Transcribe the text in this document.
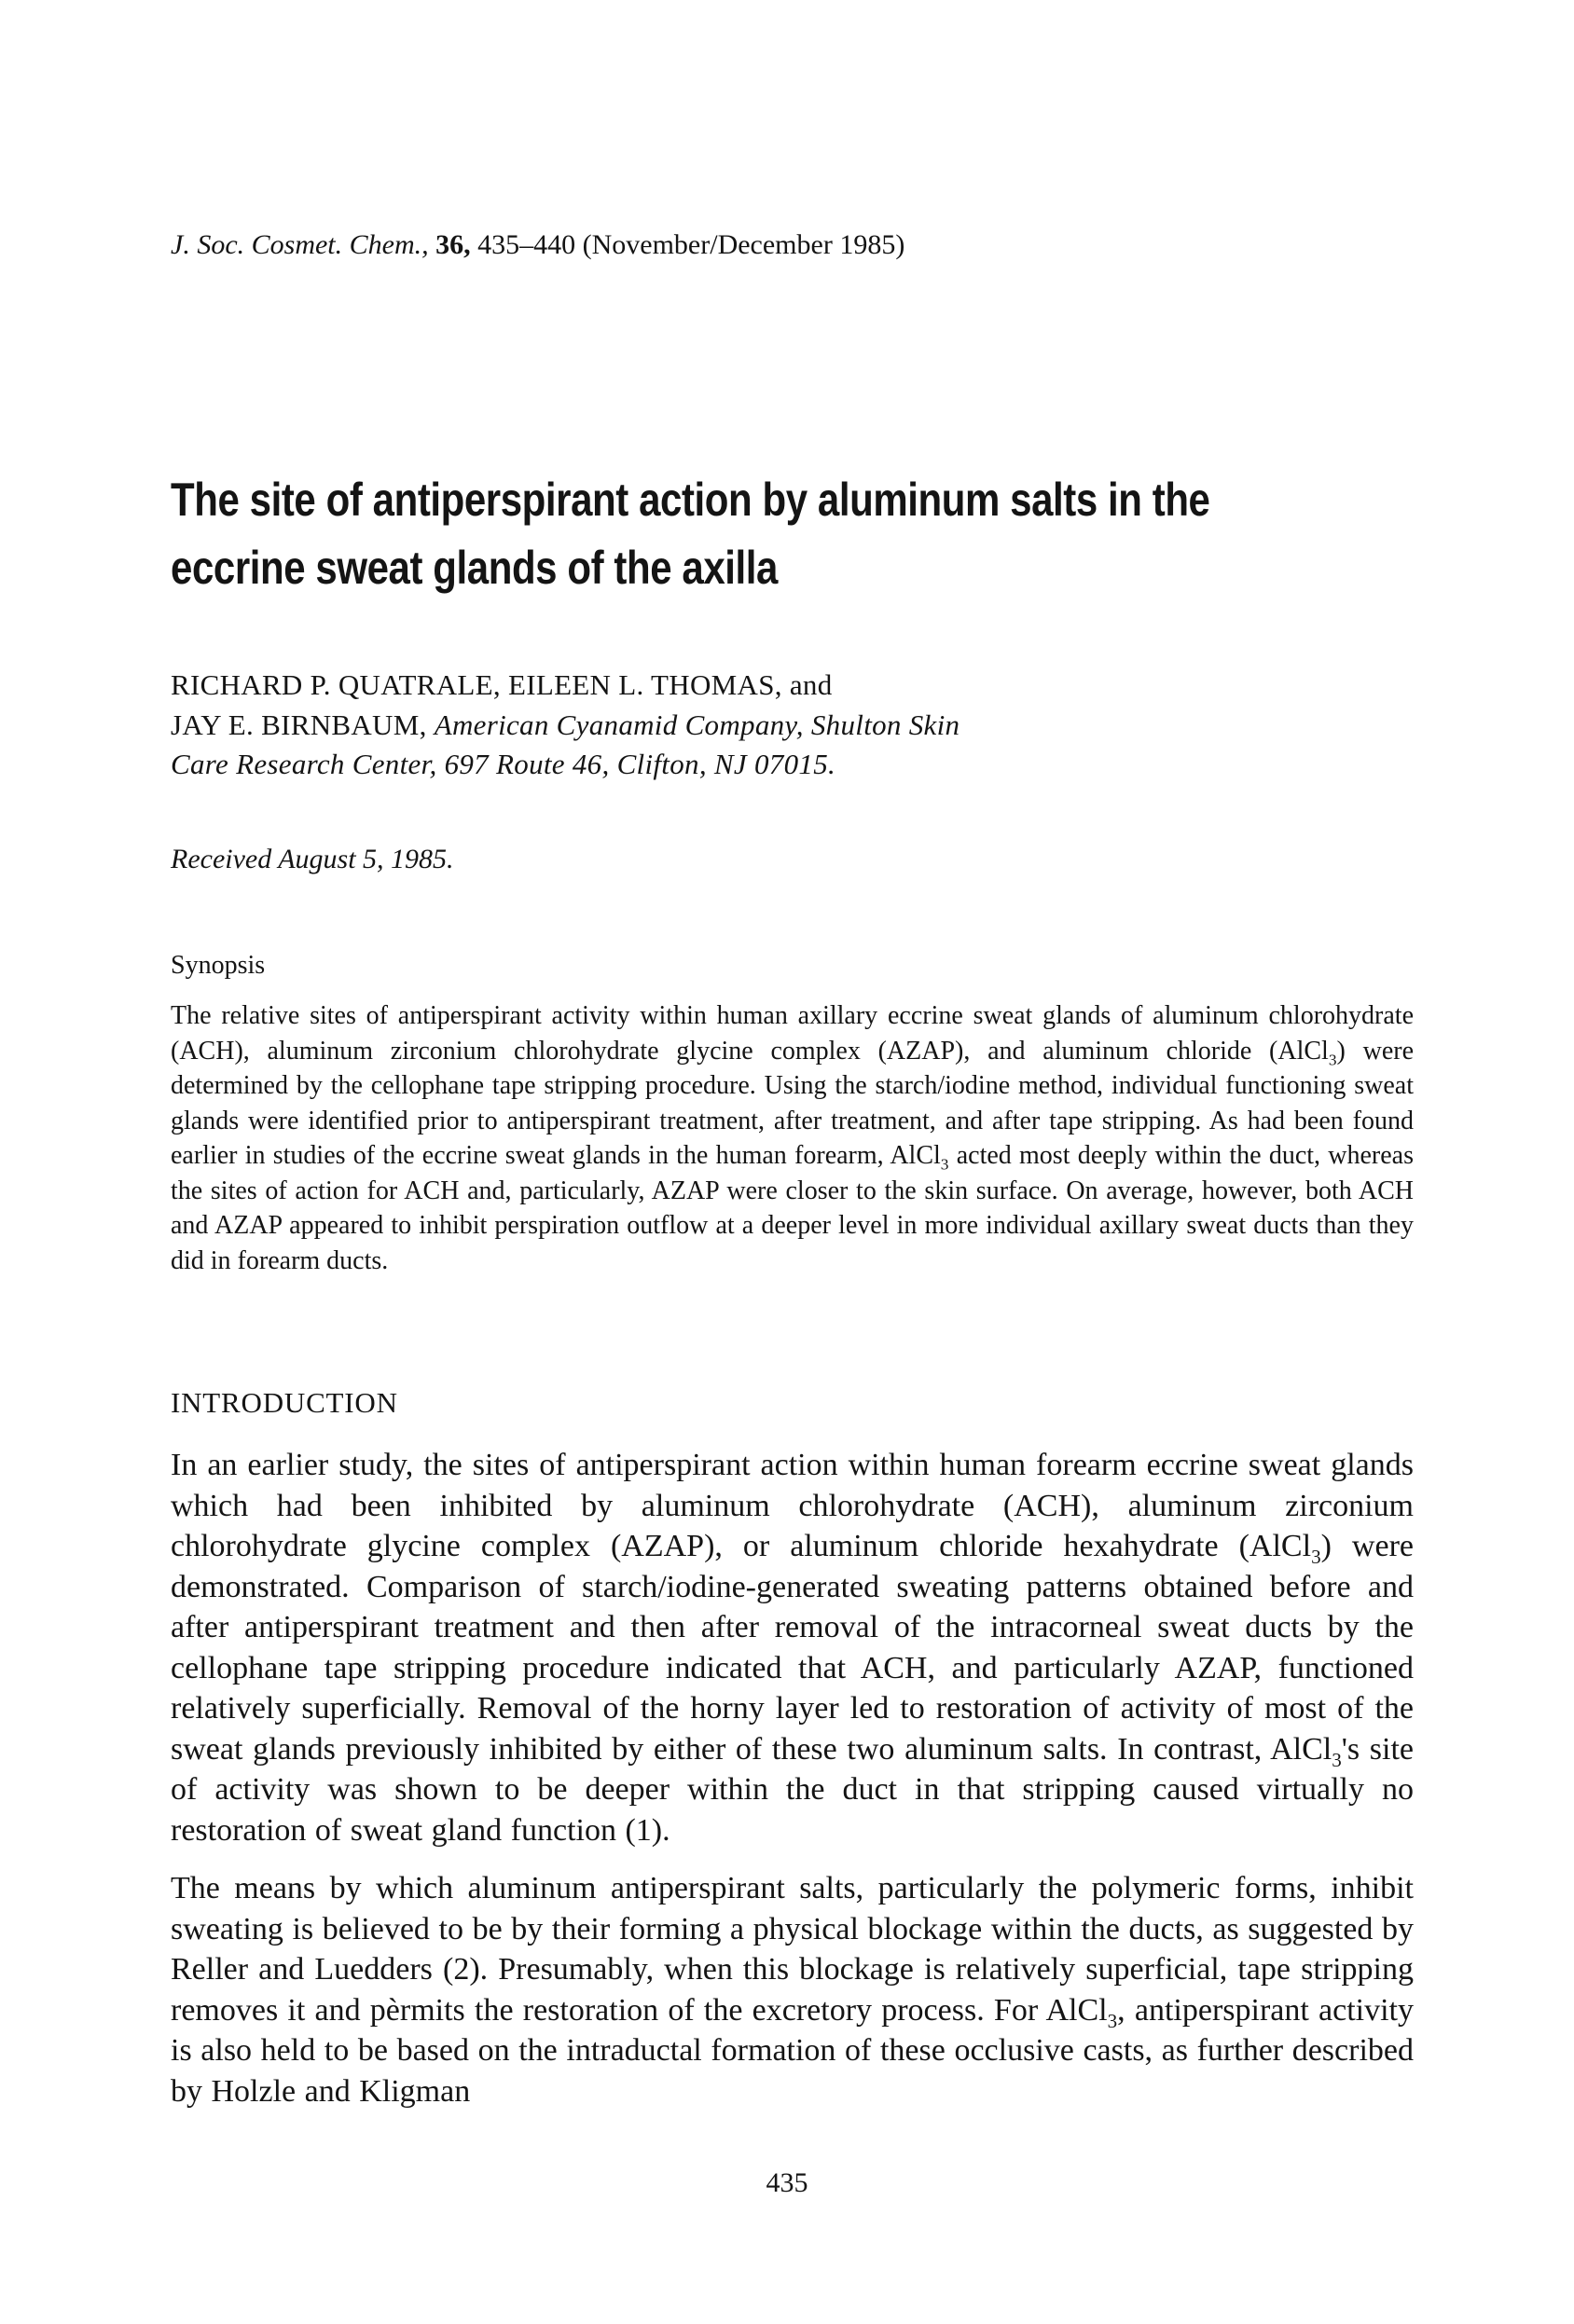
J. Soc. Cosmet. Chem., 36, 435–440 (November/December 1985)
The site of antiperspirant action by aluminum salts in the
eccrine sweat glands of the axilla

RICHARD P. QUATRALE, EILEEN L. THOMAS, and

JAY E. BIRNBAUM, American Cyanamid Company, Shulton Skin

Care Research Center, 697 Route 46, Clifton, NJ 07015.

Received August 5, 1985.
Synopsis
The relative sites of antiperspirant activity within human axillary eccrine sweat glands of aluminum chlorohydrate (ACH), aluminum zirconium chlorohydrate glycine complex (AZAP), and aluminum chloride (AlCl$_3$) were determined by the cellophane tape stripping procedure. Using the starch/iodine method, individual functioning sweat glands were identified prior to antiperspirant treatment, after treatment, and after tape stripping. As had been found earlier in studies of the eccrine sweat glands in the human forearm, AlCl$_3$ acted most deeply within the duct, whereas the sites of action for ACH and, particularly, AZAP were closer to the skin surface. On average, however, both ACH and AZAP appeared to inhibit perspiration outflow at a deeper level in more individual axillary sweat ducts than they did in forearm ducts.
INTRODUCTION

In an earlier study, the sites of antiperspirant action within human forearm eccrine sweat glands which had been inhibited by aluminum chlorohydrate (ACH), aluminum zirconium chlorohydrate glycine complex (AZAP), or aluminum chloride hexahydrate (AlCl$_3$) were demonstrated. Comparison of starch/iodine-generated sweating patterns obtained before and after antiperspirant treatment and then after removal of the intracorneal sweat ducts by the cellophane tape stripping procedure indicated that ACH, and particularly AZAP, functioned relatively superficially. Removal of the horny layer led to restoration of activity of most of the sweat glands previously inhibited by either of these two aluminum salts. In contrast, AlCl$_3$'s site of activity was shown to be deeper within the duct in that stripping caused virtually no restoration of sweat gland function (1).

The means by which aluminum antiperspirant salts, particularly the polymeric forms, inhibit sweating is believed to be by their forming a physical blockage within the ducts, as suggested by Reller and Luedders (2). Presumably, when this blockage is relatively superficial, tape stripping removes it and pèrmits the restoration of the excretory process. For AlCl$_3$, antiperspirant activity is also held to be based on the intraductal formation of these occlusive casts, as further described by Holzle and Kligman

435
